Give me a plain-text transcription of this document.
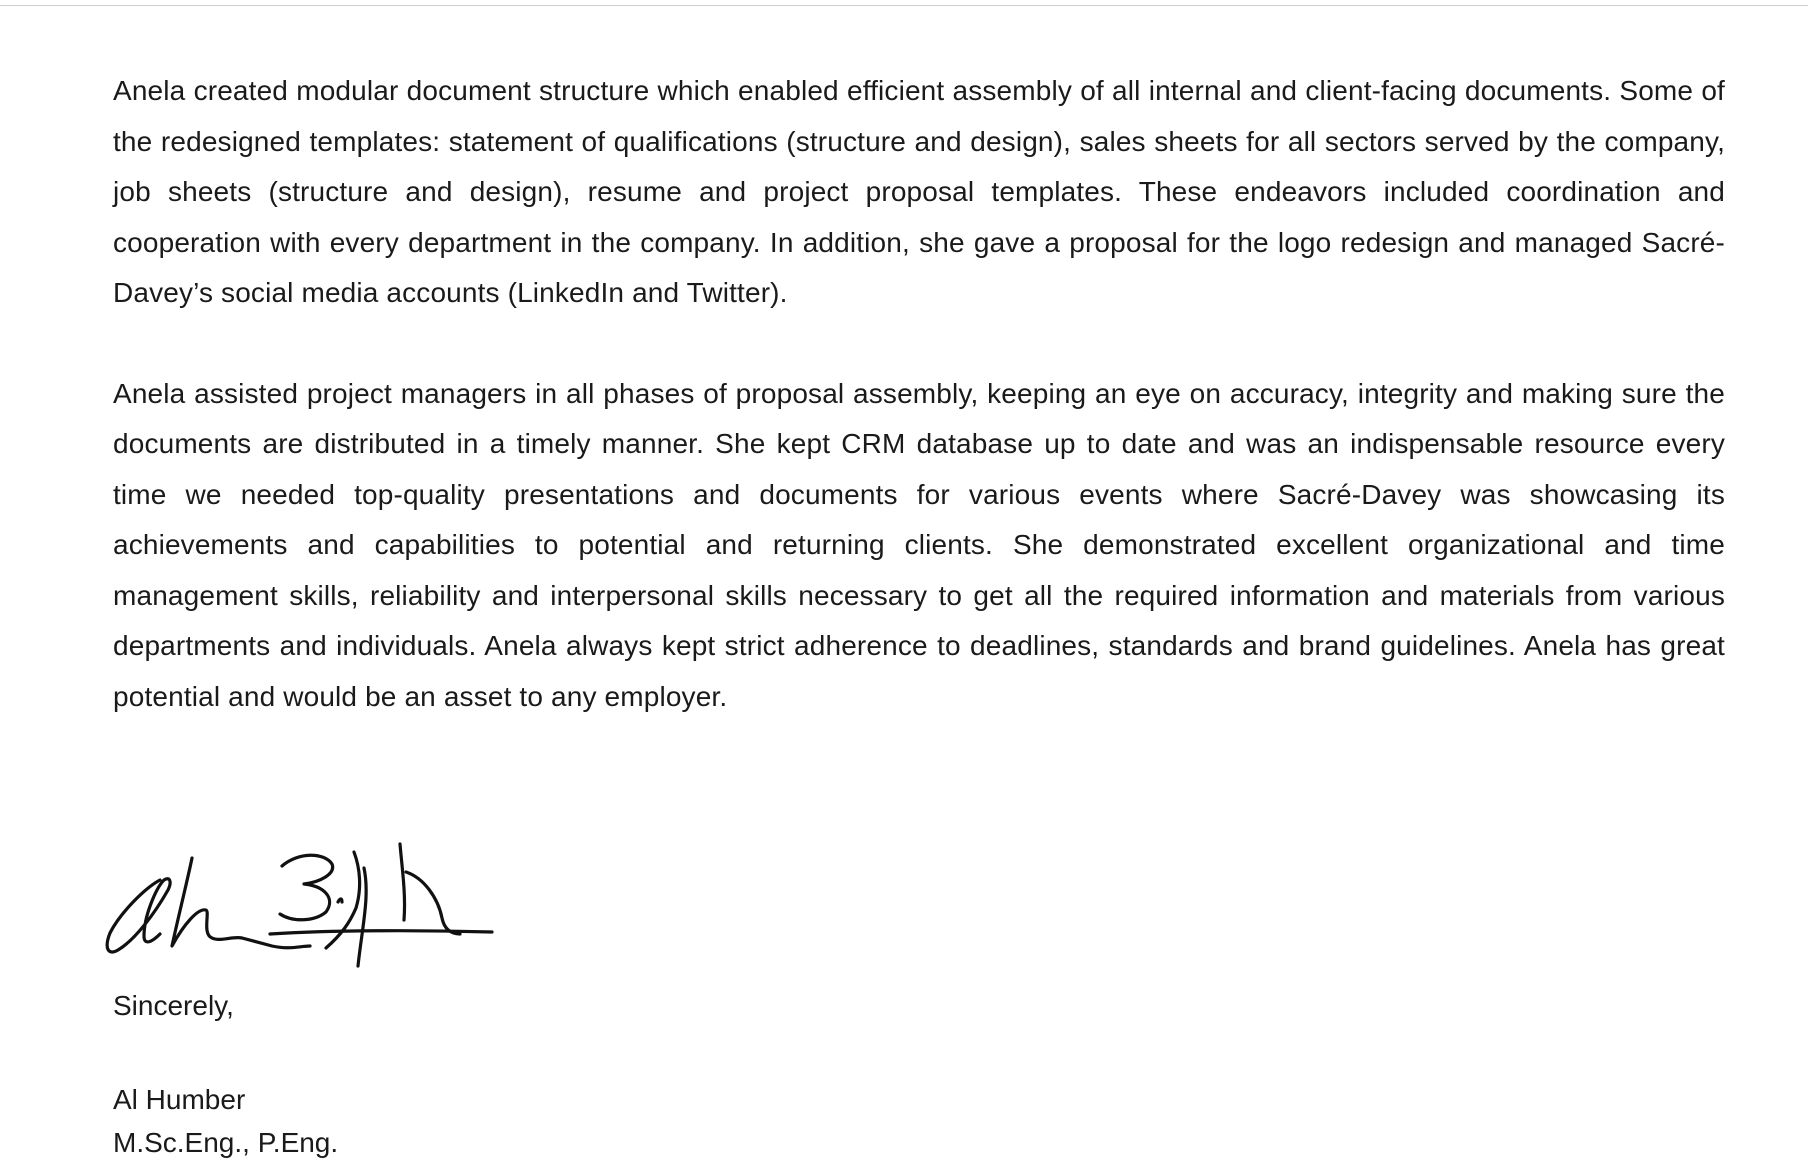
Anela created modular document structure which enabled efficient assembly of all internal and client-facing documents. Some of the redesigned templates: statement of qualifications (structure and design), sales sheets for all sectors served by the company, job sheets (structure and design), resume and project proposal templates. These endeavors included coordination and cooperation with every department in the company. In addition, she gave a proposal for the logo redesign and managed Sacré-Davey’s social media accounts (LinkedIn and Twitter).

Anela assisted project managers in all phases of proposal assembly, keeping an eye on accuracy, integrity and making sure the documents are distributed in a timely manner. She kept CRM database up to date and was an indispensable resource every time we needed top-quality presentations and documents for various events where Sacré-Davey was showcasing its achievements and capabilities to potential and returning clients. She demonstrated excellent organizational and time management skills, reliability and interpersonal skills necessary to get all the required information and materials from various departments and individuals. Anela always kept strict adherence to deadlines, standards and brand guidelines. Anela has great potential and would be an asset to any employer.

Sincerely,
Al Humber
M.Sc.Eng., P.Eng.
